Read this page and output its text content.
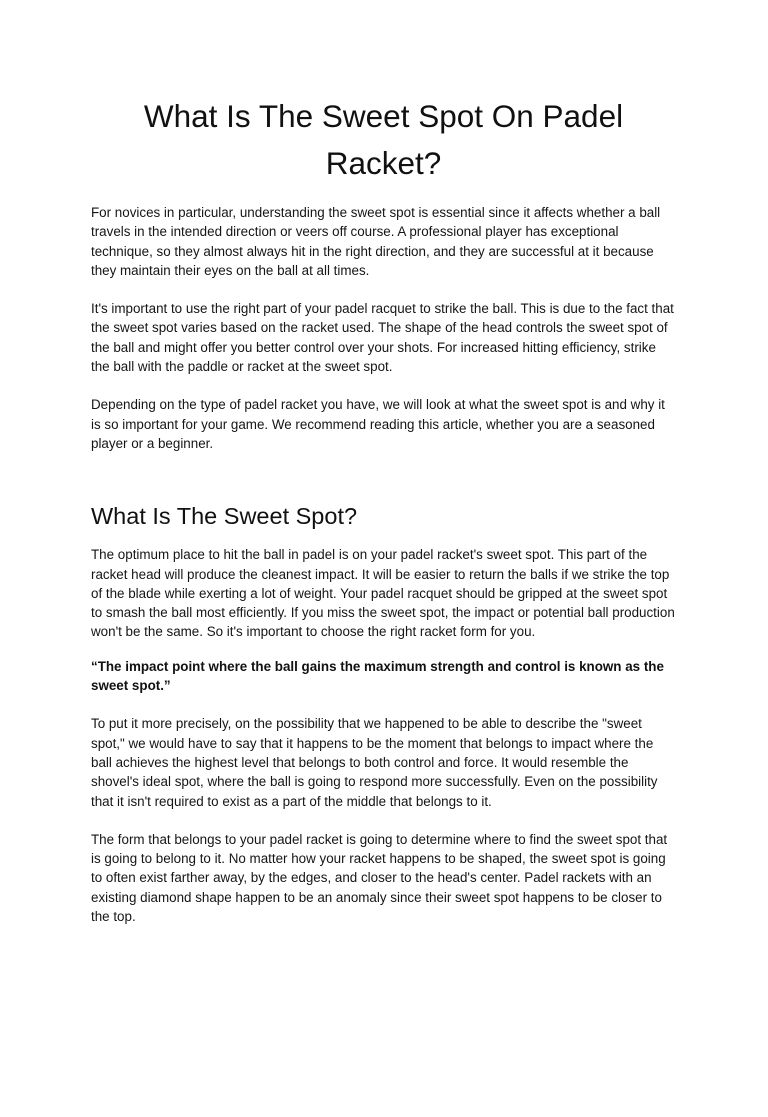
What Is The Sweet Spot On Padel Racket?

For novices in particular, understanding the sweet spot is essential since it affects whether a ball travels in the intended direction or veers off course. A professional player has exceptional technique, so they almost always hit in the right direction, and they are successful at it because they maintain their eyes on the ball at all times.

It's important to use the right part of your padel racquet to strike the ball. This is due to the fact that the sweet spot varies based on the racket used. The shape of the head controls the sweet spot of the ball and might offer you better control over your shots. For increased hitting efficiency, strike the ball with the paddle or racket at the sweet spot.

Depending on the type of padel racket you have, we will look at what the sweet spot is and why it is so important for your game. We recommend reading this article, whether you are a seasoned player or a beginner.

What Is The Sweet Spot?

The optimum place to hit the ball in padel is on your padel racket's sweet spot. This part of the racket head will produce the cleanest impact. It will be easier to return the balls if we strike the top of the blade while exerting a lot of weight. Your padel racquet should be gripped at the sweet spot to smash the ball most efficiently. If you miss the sweet spot, the impact or potential ball production won't be the same. So it's important to choose the right racket form for you.

“The impact point where the ball gains the maximum strength and control is known as the sweet spot.”

To put it more precisely, on the possibility that we happened to be able to describe the "sweet spot," we would have to say that it happens to be the moment that belongs to impact where the ball achieves the highest level that belongs to both control and force. It would resemble the shovel's ideal spot, where the ball is going to respond more successfully. Even on the possibility that it isn't required to exist as a part of the middle that belongs to it.

The form that belongs to your padel racket is going to determine where to find the sweet spot that is going to belong to it. No matter how your racket happens to be shaped, the sweet spot is going to often exist farther away, by the edges, and closer to the head's center. Padel rackets with an existing diamond shape happen to be an anomaly since their sweet spot happens to be closer to the top.
